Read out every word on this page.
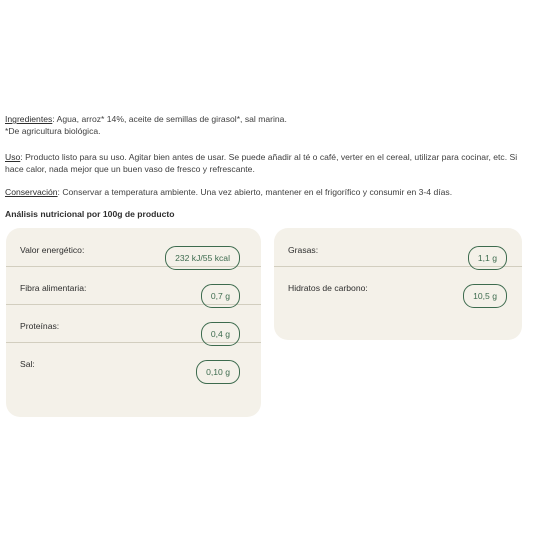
Ingredientes: Agua, arroz* 14%, aceite de semillas de girasol*, sal marina.
*De agricultura biológica.
Uso: Producto listo para su uso. Agitar bien antes de usar. Se puede añadir al té o café, verter en el cereal, utilizar para cocinar, etc. Si hace calor, nada mejor que un buen vaso de fresco y refrescante.
Conservación: Conservar a temperatura ambiente. Una vez abierto, mantener en el frigorífico y consumir en 3-4 días.
Análisis nutricional por 100g de producto
Valor energético:
232 kJ/55 kcal
Fibra alimentaria:
0,7 g
Proteínas:
0,4 g
Sal:
0,10 g
Grasas:
1,1 g
Hidratos de carbono:
10,5 g
